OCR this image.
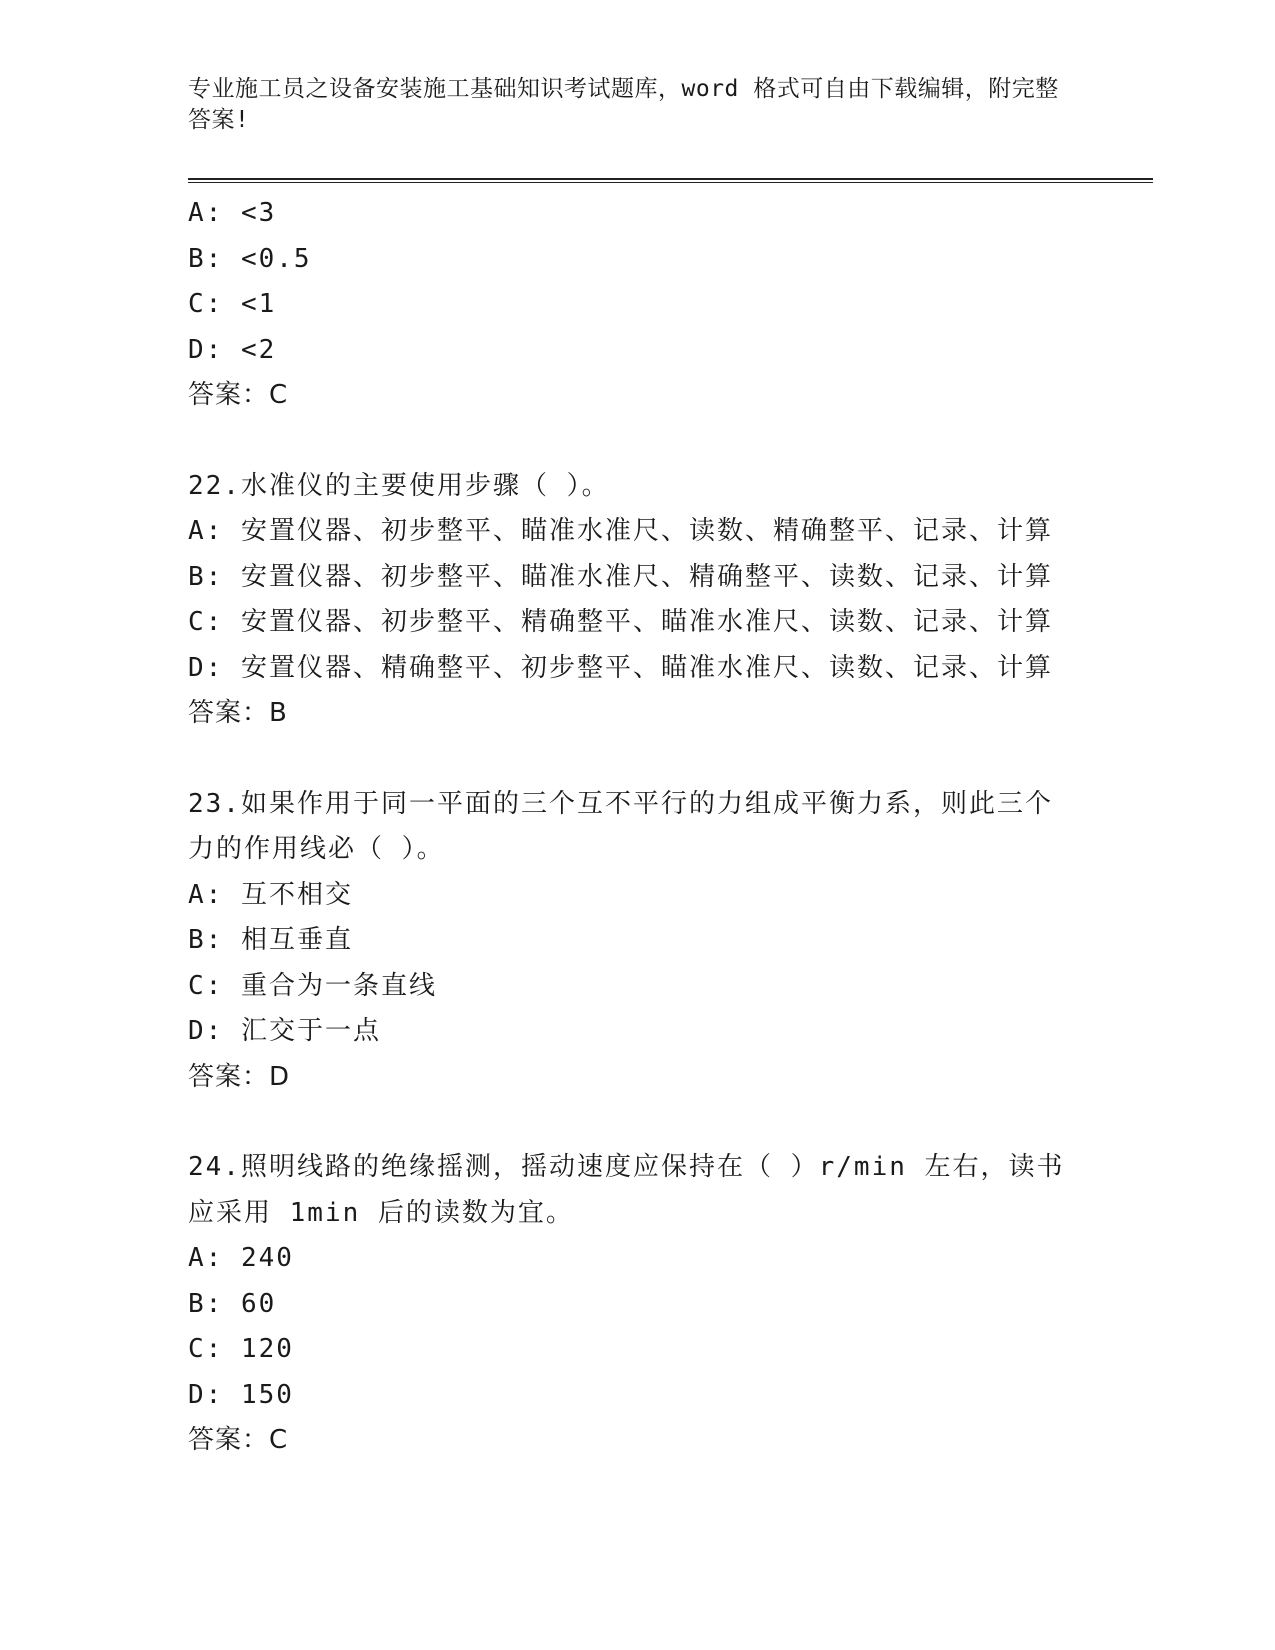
专业施工员之设备安装施工基础知识考试题库，word 格式可自由下载编辑，附完整答案!
A: <3
B: <0.5
C: <1
D: <2
答案：C
22.水准仪的主要使用步骤（ ）。
A: 安置仪器、初步整平、瞄准水准尺、读数、精确整平、记录、计算
B: 安置仪器、初步整平、瞄准水准尺、精确整平、读数、记录、计算
C: 安置仪器、初步整平、精确整平、瞄准水准尺、读数、记录、计算
D: 安置仪器、精确整平、初步整平、瞄准水准尺、读数、记录、计算
答案：B
23.如果作用于同一平面的三个互不平行的力组成平衡力系，则此三个力的作用线必（ ）。
A: 互不相交
B: 相互垂直
C: 重合为一条直线
D: 汇交于一点
答案：D
24.照明线路的绝缘摇测，摇动速度应保持在（ ）r/min 左右，读书应采用 1min 后的读数为宜。
A: 240
B: 60
C: 120
D: 150
答案：C
